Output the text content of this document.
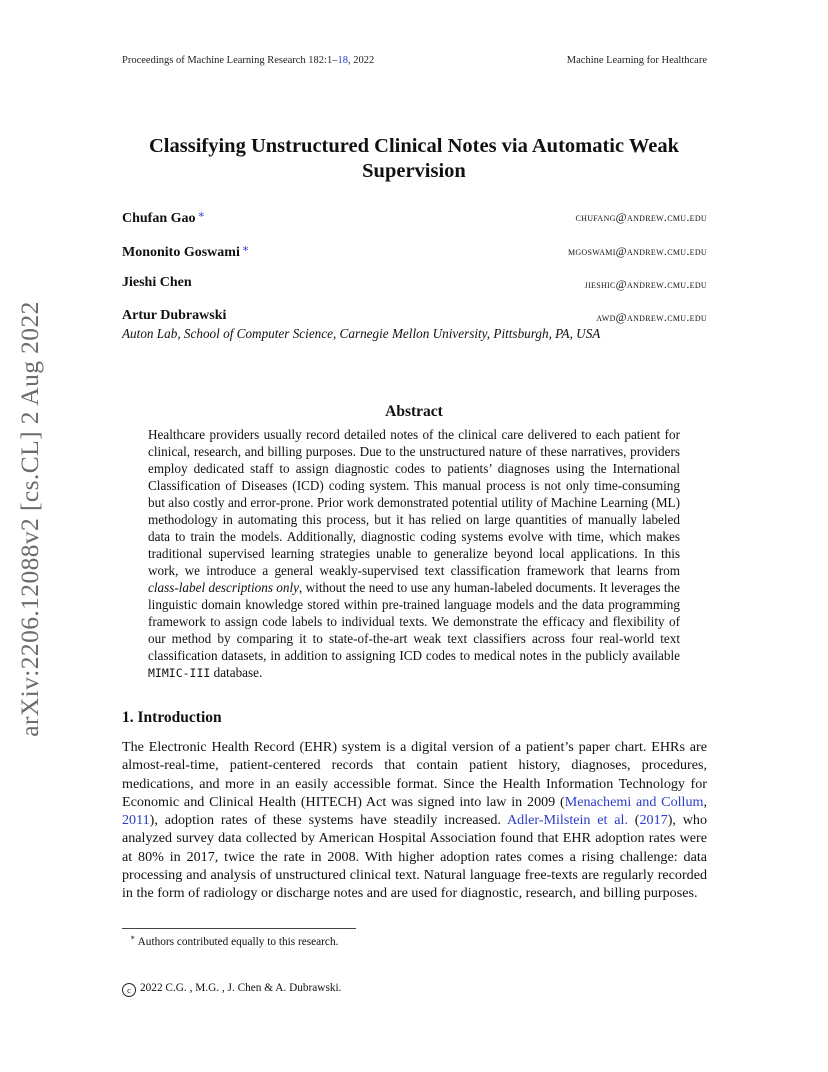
Proceedings of Machine Learning Research 182:1–18, 2022	Machine Learning for Healthcare
arXiv:2206.12088v2 [cs.CL] 2 Aug 2022
Classifying Unstructured Clinical Notes via Automatic Weak
Supervision
Chufan Gao ∗	chufang@andrew.cmu.edu
Mononito Goswami ∗	mgoswami@andrew.cmu.edu
Jieshi Chen	jieshic@andrew.cmu.edu
Artur Dubrawski	awd@andrew.cmu.edu
Auton Lab, School of Computer Science, Carnegie Mellon University, Pittsburgh, PA, USA
Abstract
Healthcare providers usually record detailed notes of the clinical care delivered to each patient for clinical, research, and billing purposes. Due to the unstructured nature of these narratives, providers employ dedicated staff to assign diagnostic codes to patients’ diagnoses using the International Classification of Diseases (ICD) coding system. This manual process is not only time-consuming but also costly and error-prone. Prior work demonstrated potential utility of Machine Learning (ML) methodology in automating this process, but it has relied on large quantities of manually labeled data to train the models. Additionally, diagnostic coding systems evolve with time, which makes traditional supervised learning strategies unable to generalize beyond local applications. In this work, we introduce a general weakly-supervised text classification framework that learns from class-label descriptions only, without the need to use any human-labeled documents. It leverages the linguistic domain knowledge stored within pre-trained language models and the data programming framework to assign code labels to individual texts. We demonstrate the efficacy and flexibility of our method by comparing it to state-of-the-art weak text classifiers across four real-world text classification datasets, in addition to assigning ICD codes to medical notes in the publicly available MIMIC-III database.
1. Introduction
The Electronic Health Record (EHR) system is a digital version of a patient’s paper chart. EHRs are almost-real-time, patient-centered records that contain patient history, diagnoses, procedures, medications, and more in an easily accessible format. Since the Health Information Technology for Economic and Clinical Health (HITECH) Act was signed into law in 2009 (Menachemi and Collum, 2011), adoption rates of these systems have steadily increased. Adler-Milstein et al. (2017), who analyzed survey data collected by American Hospital Association found that EHR adoption rates were at 80% in 2017, twice the rate in 2008. With higher adoption rates comes a rising challenge: data processing and analysis of unstructured clinical text. Natural language free-texts are regularly recorded in the form of radiology or discharge notes and are used for diagnostic, research, and billing purposes.
∗ Authors contributed equally to this research.
c 2022 C.G. , M.G. , J. Chen & A. Dubrawski.
